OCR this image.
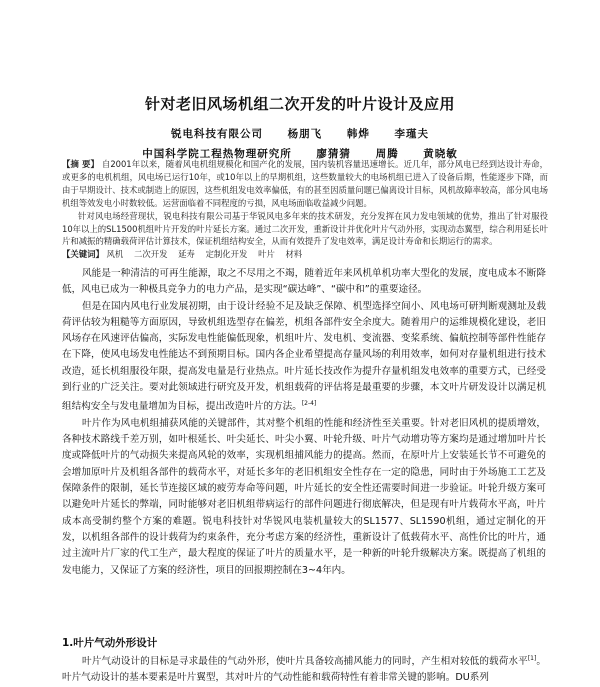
针对老旧风场机组二次开发的叶片设计及应用
锐电科技有限公司 杨朋飞 韩烨 李瑾夫
中国科学院工程热物理研究所 廖猜猜 周腾 黄晓敏
【摘 要】 自2001年以来，随着风电机组规模化和国产化的发展，国内装机容量迅速增长。近几年，部分风电已经到达设计寿命，或更多的电机机组，风电场已运行10年，或10年以上的早期机组，这些数量较大的电场机组已进入了设备后期，性能逐步下降，而由于早期设计、技术或制造上的原因，这些机组发电效率偏低，有的甚至因质量问题已偏离设计目标，风机故障率较高，部分风电场机组等效发电小时数较低。运营面临着不同程度的亏损，风电场面临收益减少问题。
针对风电场经营现状，锐电科技有限公司基于华锐风电多年来的技术研发，充分发挥在风力发电领域的优势，推出了针对服役10年以上的SL1500机组叶片开发的叶片延长方案。通过二次开发，重新设计并优化叶片气动外形，实现动态翼型，综合利用延长叶片和减振的精确载荷评估计算技术，保证机组结构安全，从而有效提升了发电效率，满足设计寿命和长期运行的需求。
【关键词】 风机 二次开发 延寿 定制化开发 叶片 材料

风能是一种清洁的可再生能源，取之不尽用之不竭，随着近年来风机单机功率大型化的发展，度电成本不断降低，风电已成为一种极具竞争力的电力产品，是实现“碳达峰”、“碳中和”的重要途径。

但是在国内风电行业发展初期，由于设计经验不足及缺乏保障、机型选择空间小、风电场可研判断观测址及载荷评估较为粗糙等方面原因，导致机组选型存在偏差，机组各部件安全余度大。随着用户的运维规模化建设，老旧风场存在风速评估偏高，实际发电性能偏低现象，机组叶片、发电机、变流器、变桨系统、偏航控制等部件性能存在下降，使风电场发电性能达不到预期目标。国内各企业希望提高存量风场的利用效率，如何对存量机组进行技术改造，延长机组服役年限，提高发电量是行业热点。叶片延长技改作为提升存量机组发电效率的重要方式，已经受到行业的广泛关注。要对此领域进行研究及开发，机组载荷的评估将是最重要的步骤，本文叶片研发设计以满足机组结构安全与发电量增加为目标，提出改造叶片的方法。[2-4]

叶片作为风电机组捕获风能的关键部件，其对整个机组的性能和经济性至关重要。针对老旧风机的提质增效，各种技术路线千差万别，如叶根延长、叶尖延长、叶尖小翼、叶轮升级、叶片气动增功等方案均是通过增加叶片长度或降低叶片的气动损失来提高风轮的效率，实现机组捕风能力的提高。然而，在原叶片上安装延长节不可避免的会增加原叶片及机组各部件的载荷水平，对延长多年的老旧机组安全性存在一定的隐患，同时由于外场施工工艺及保障条件的限制，延长节连接区域的疲劳寿命等问题，叶片延长的安全性还需要时间进一步验证。叶轮升级方案可以避免叶片延长的弊端，同时能够对老旧机组带病运行的部件问题进行彻底解决，但是现有叶片载荷水平高，叶片成本高受制约整个方案的难题。锐电科技针对华锐风电装机量较大的SL1577、SL1590机组，通过定制化的开发，以机组各部件的设计载荷为约束条件，充分考虑方案的经济性，重新设计了低载荷水平、高性价比的叶片，通过主流叶片厂家的代工生产，最大程度的保证了叶片的质量水平，是一种新的叶轮升级解决方案。既提高了机组的发电能力，又保证了方案的经济性，项目的回报期控制在3~4年内。

1.叶片气动外形设计

叶片气动设计的目标是寻求最佳的气动外形，使叶片具备较高捕风能力的同时，产生相对较低的载荷水平[1]。叶片气动设计的基本要素是叶片翼型，其对叶片的气动性能和载荷特性有着非常关键的影响。DU系列
